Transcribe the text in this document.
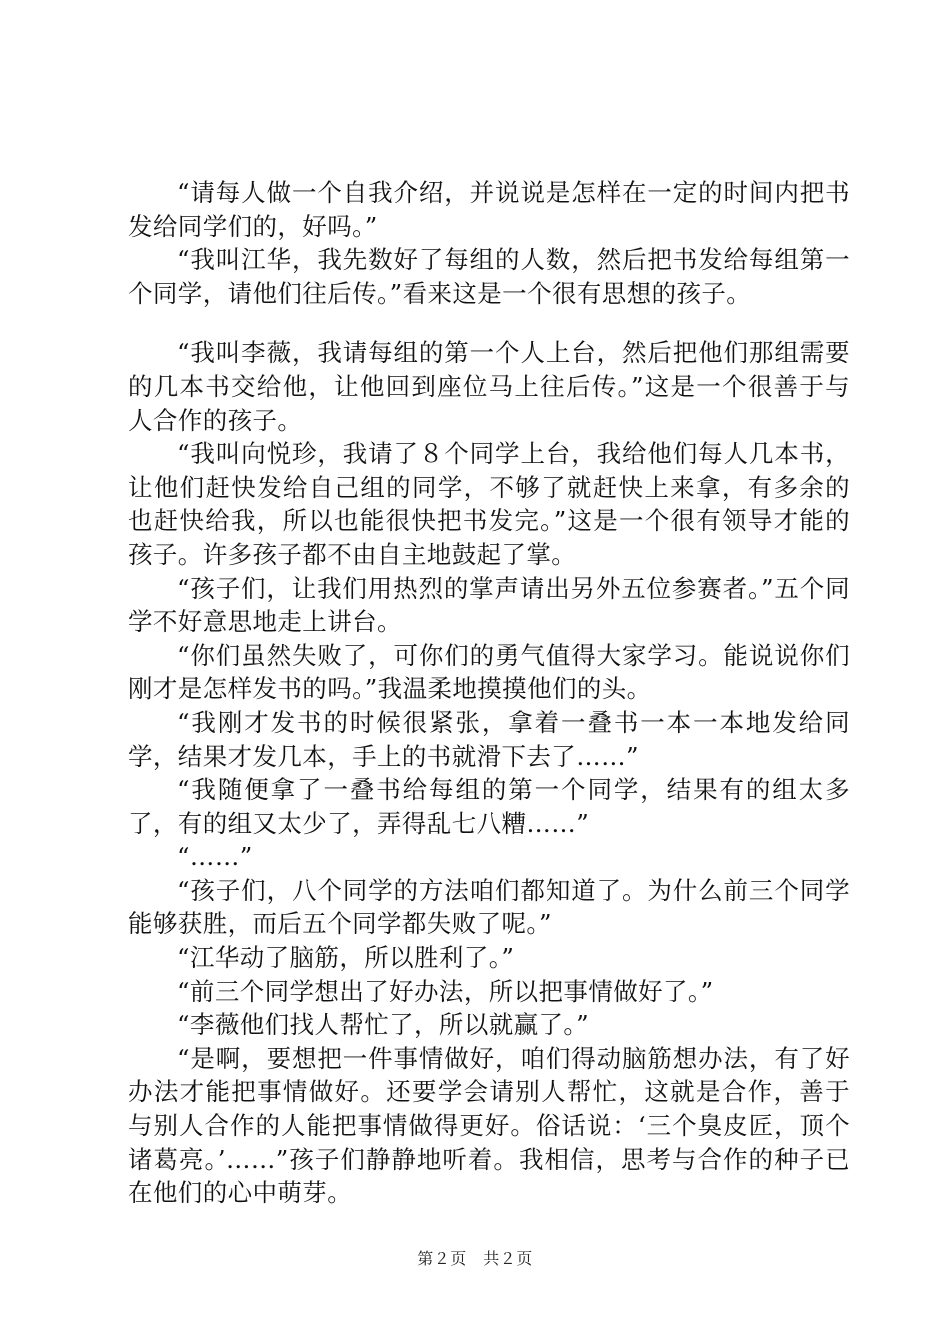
“请每人做一个自我介绍，并说说是怎样在一定的时间内把书发给同学们的，好吗。”

“我叫江华，我先数好了每组的人数，然后把书发给每组第一个同学，请他们往后传。”看来这是一个很有思想的孩子。

“我叫李薇，我请每组的第一个人上台，然后把他们那组需要的几本书交给他，让他回到座位马上往后传。”这是一个很善于与人合作的孩子。

“我叫向悦珍，我请了８个同学上台，我给他们每人几本书，让他们赶快发给自己组的同学，不够了就赶快上来拿，有多余的也赶快给我，所以也能很快把书发完。”这是一个很有领导才能的孩子。许多孩子都不由自主地鼓起了掌。

“孩子们，让我们用热烈的掌声请出另外五位参赛者。”五个同学不好意思地走上讲台。

“你们虽然失败了，可你们的勇气值得大家学习。能说说你们刚才是怎样发书的吗。”我温柔地摸摸他们的头。

“我刚才发书的时候很紧张，拿着一叠书一本一本地发给同学，结果才发几本，手上的书就滑下去了……”

“我随便拿了一叠书给每组的第一个同学，结果有的组太多了，有的组又太少了，弄得乱七八糟……”

“……”

“孩子们，八个同学的方法咱们都知道了。为什么前三个同学能够获胜，而后五个同学都失败了呢。”

“江华动了脑筋，所以胜利了。”

“前三个同学想出了好办法，所以把事情做好了。”

“李薇他们找人帮忙了，所以就赢了。”

“是啊，要想把一件事情做好，咱们得动脑筋想办法，有了好办法才能把事情做好。还要学会请别人帮忙，这就是合作，善于与别人合作的人能把事情做得更好。俗话说：‘三个臭皮匠，顶个诸葛亮。’……”孩子们静静地听着。我相信，思考与合作的种子已在他们的心中萌芽。

第２页　共２页
